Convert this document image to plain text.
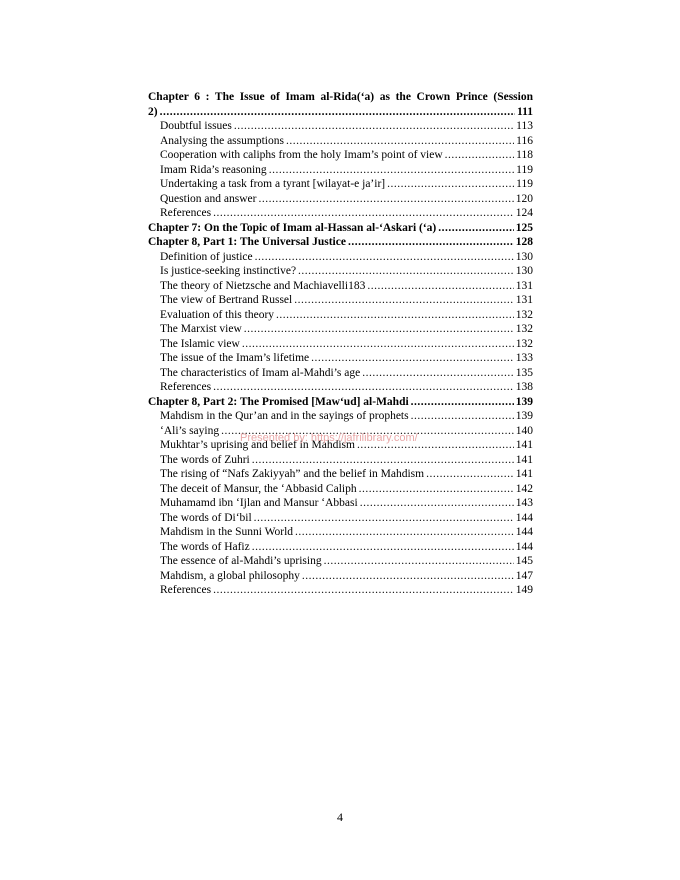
Chapter 6 : The Issue of Imam al-Rida(‘a) as the Crown Prince (Session
2) .....	111
Doubtful issues .....	113
Analysing the assumptions .....	116
Cooperation with caliphs from the holy Imam’s point of view .....	118
Imam Rida’s reasoning .....	119
Undertaking a task from a tyrant [wilayat-e ja’ir] .....	119
Question and answer .....	120
References .....	124
Chapter 7: On the Topic of Imam al-Hassan al-‘Askari (‘a) .....	125
Chapter 8, Part 1: The Universal Justice .....	128
Definition of justice .....	130
Is justice-seeking instinctive? .....	130
The theory of Nietzsche and Machiavelli183 .....	131
The view of Bertrand Russel .....	131
Evaluation of this theory .....	132
The Marxist view .....	132
The Islamic view .....	132
The issue of the Imam’s lifetime .....	133
The characteristics of Imam al-Mahdi’s age .....	135
References .....	138
Chapter 8, Part 2: The Promised [Maw‘ud] al-Mahdi .....	139
Mahdism in the Qur’an and in the sayings of prophets .....	139
‘Ali’s saying .....	140
Mukhtar’s uprising and belief in Mahdism .....	141
The words of Zuhri .....	141
The rising of “Nafs Zakiyyah” and the belief in Mahdism .....	141
The deceit of Mansur, the ‘Abbasid Caliph .....	142
Muhamamd ibn ‘Ijlan and Mansur ‘Abbasi .....	143
The words of Di‘bil .....	144
Mahdism in the Sunni World .....	144
The words of Hafiz .....	144
The essence of al-Mahdi’s uprising .....	145
Mahdism, a global philosophy .....	147
References .....	149
Presented by: https://jafrilibrary.com/
4
